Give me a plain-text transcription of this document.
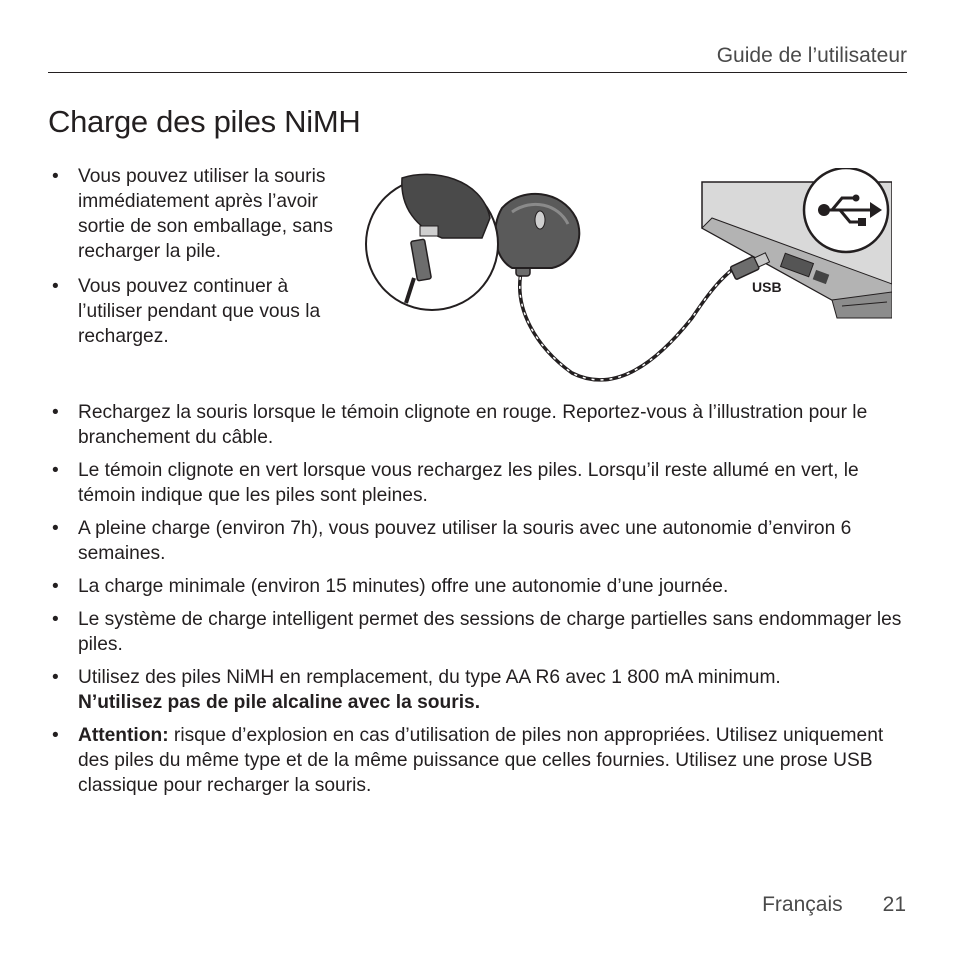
Guide de l’utilisateur
Charge des piles NiMH
• Vous pouvez utiliser la souris immédiatement après l’avoir sortie de son emballage, sans recharger la pile.
• Vous pouvez continuer à l’utiliser pendant que vous la rechargez.
USB
• Rechargez la souris lorsque le témoin clignote en rouge. Reportez-vous à l’illustration pour le branchement du câble.
• Le témoin clignote en vert lorsque vous rechargez les piles. Lorsqu’il reste allumé en vert, le témoin indique que les piles sont pleines.
• A pleine charge (environ 7h), vous pouvez utiliser la souris avec une autonomie d’environ 6 semaines.
• La charge minimale (environ 15 minutes) offre une autonomie d’une journée.
• Le système de charge intelligent permet des sessions de charge partielles sans endommager les piles.
• Utilisez des piles NiMH en remplacement, du type AA R6 avec 1 800 mA minimum.
N’utilisez pas de pile alcaline avec la souris.
• Attention: risque d’explosion en cas d’utilisation de piles non appropriées. Utilisez uniquement des piles du même type et de la même puissance que celles fournies. Utilisez une prose USB classique pour recharger la souris.
Français 21
